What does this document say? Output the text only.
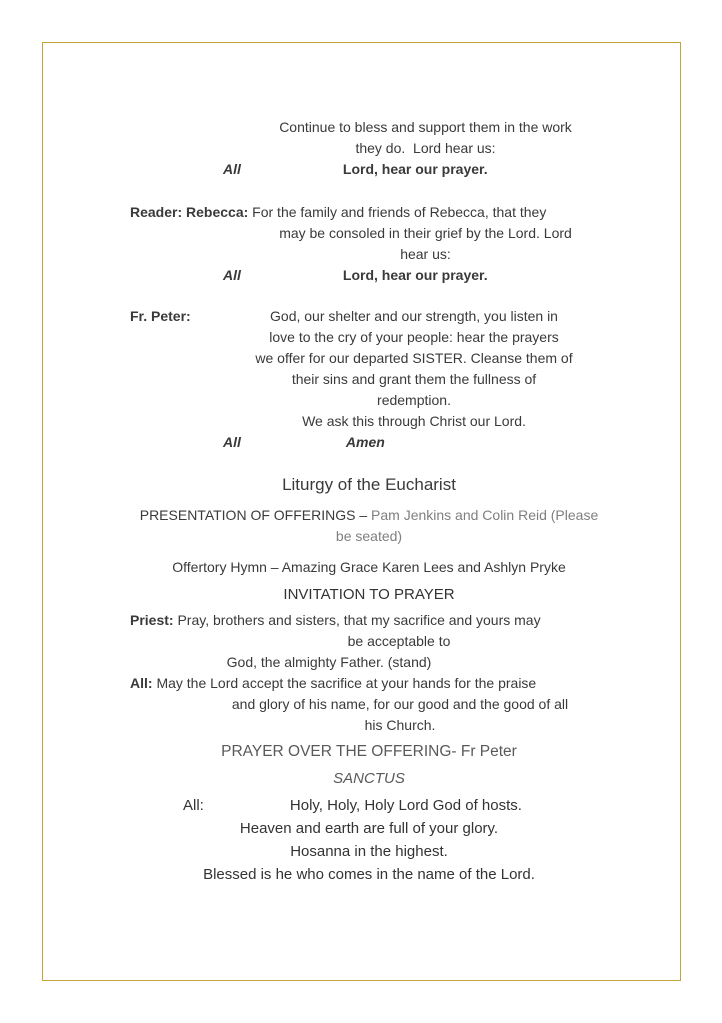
Continue to bless and support them in the work
they do.  Lord hear us:
All	Lord, hear our prayer.
Reader: Rebecca: For the family and friends of Rebecca, that they
may be consoled in their grief by the Lord. Lord
hear us:
All	Lord, hear our prayer.
Fr. Peter:	God, our shelter and our strength, you listen in
love to the cry of your people: hear the prayers
we offer for our departed SISTER. Cleanse them of
their sins and grant them the fullness of
redemption.
We ask this through Christ our Lord.
All	Amen
Liturgy of the Eucharist
PRESENTATION OF OFFERINGS – Pam Jenkins and Colin Reid (Please
be seated)
Offertory Hymn – Amazing Grace Karen Lees and Ashlyn Pryke
INVITATION TO PRAYER
Priest: Pray, brothers and sisters, that my sacrifice and yours may
be acceptable to
God, the almighty Father. (stand)
All: May the Lord accept the sacrifice at your hands for the praise
and glory of his name, for our good and the good of all
his Church.
PRAYER OVER THE OFFERING- Fr Peter
SANCTUS
All:	Holy, Holy, Holy Lord God of hosts.
Heaven and earth are full of your glory.
Hosanna in the highest.
Blessed is he who comes in the name of the Lord.
